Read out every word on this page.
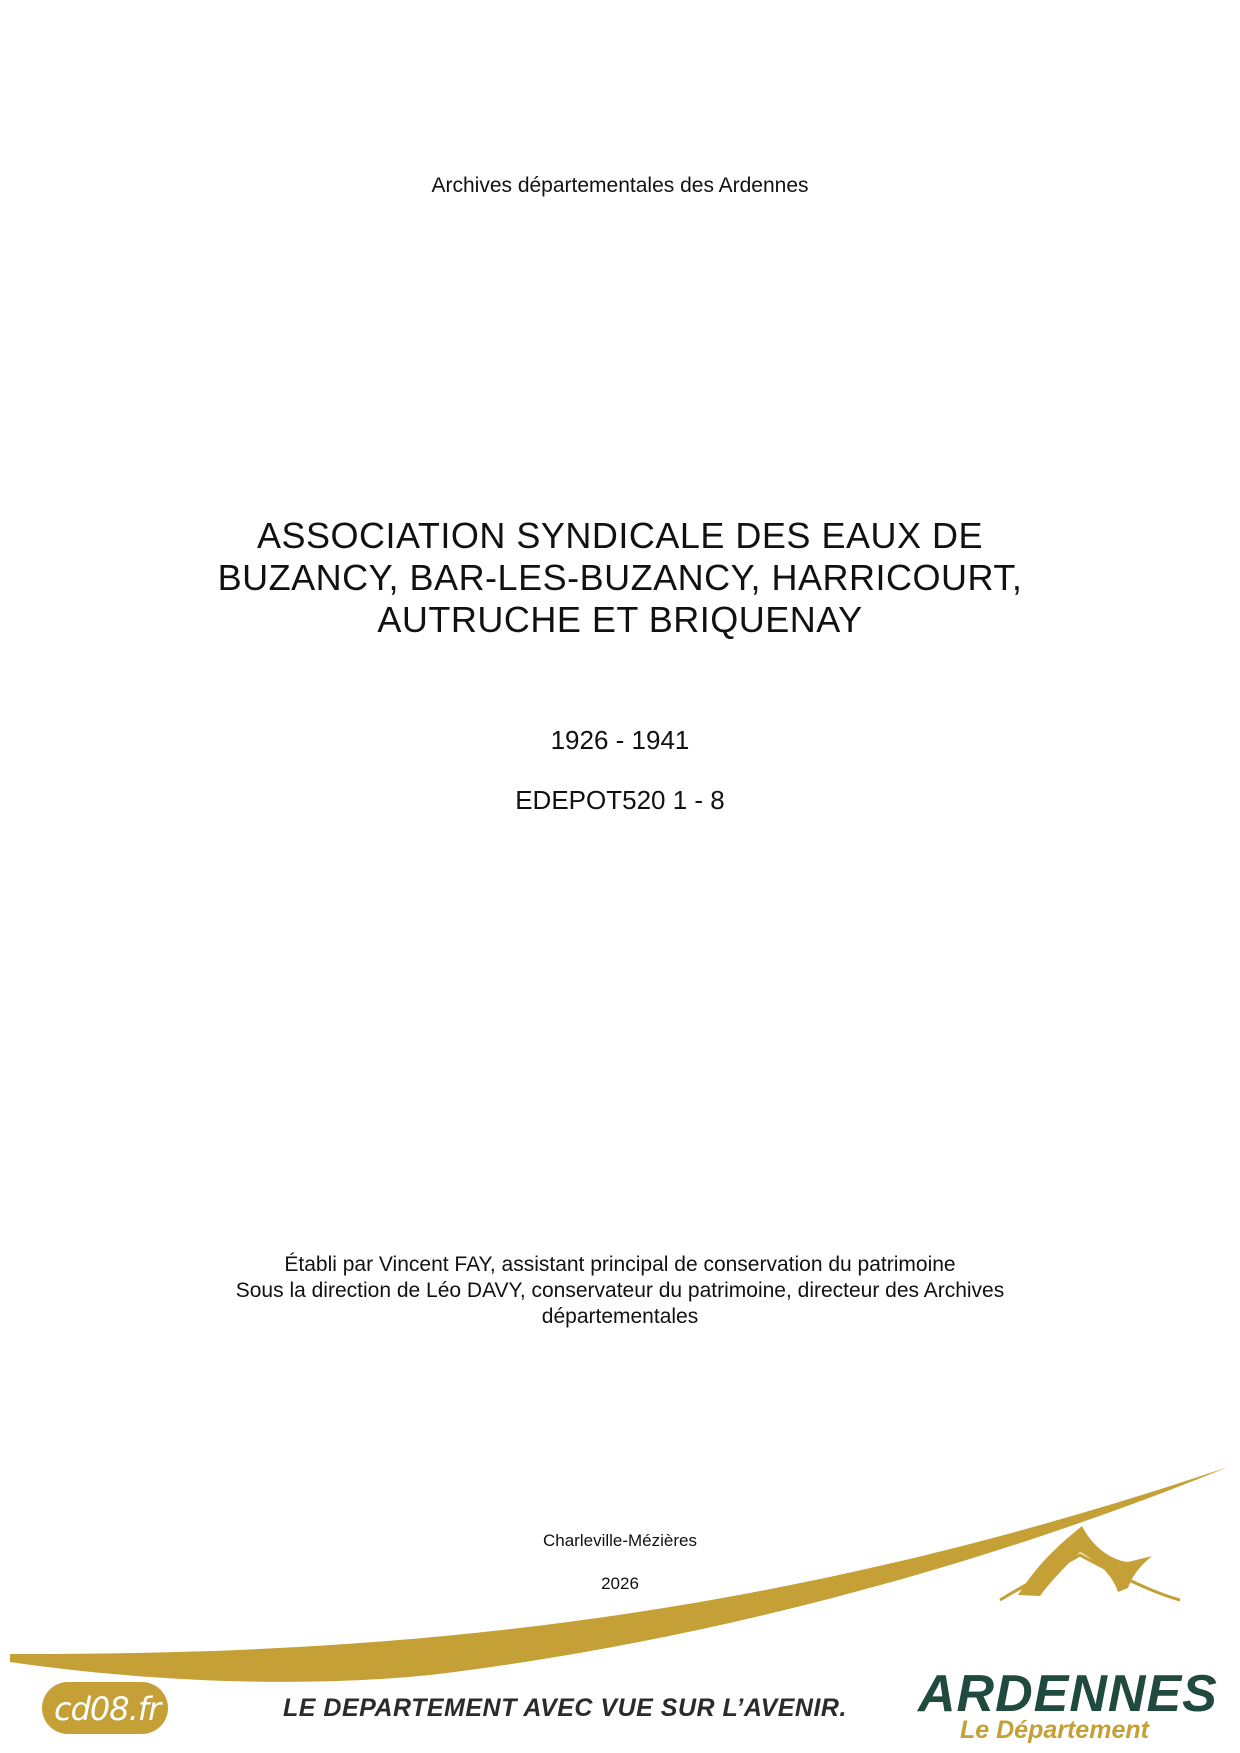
Archives départementales des Ardennes
ASSOCIATION SYNDICALE DES EAUX DE
BUZANCY, BAR-LES-BUZANCY, HARRICOURT,
AUTRUCHE ET BRIQUENAY
1926 - 1941
EDEPOT520 1 - 8
Établi par Vincent FAY, assistant principal de conservation du patrimoine
Sous la direction de Léo DAVY, conservateur du patrimoine, directeur des Archives
départementales
cd08.fr	LE DEPARTEMENT AVEC VUE SUR L’AVENIR. ARDENNES
Le Département
Charleville-Mézières
2026
